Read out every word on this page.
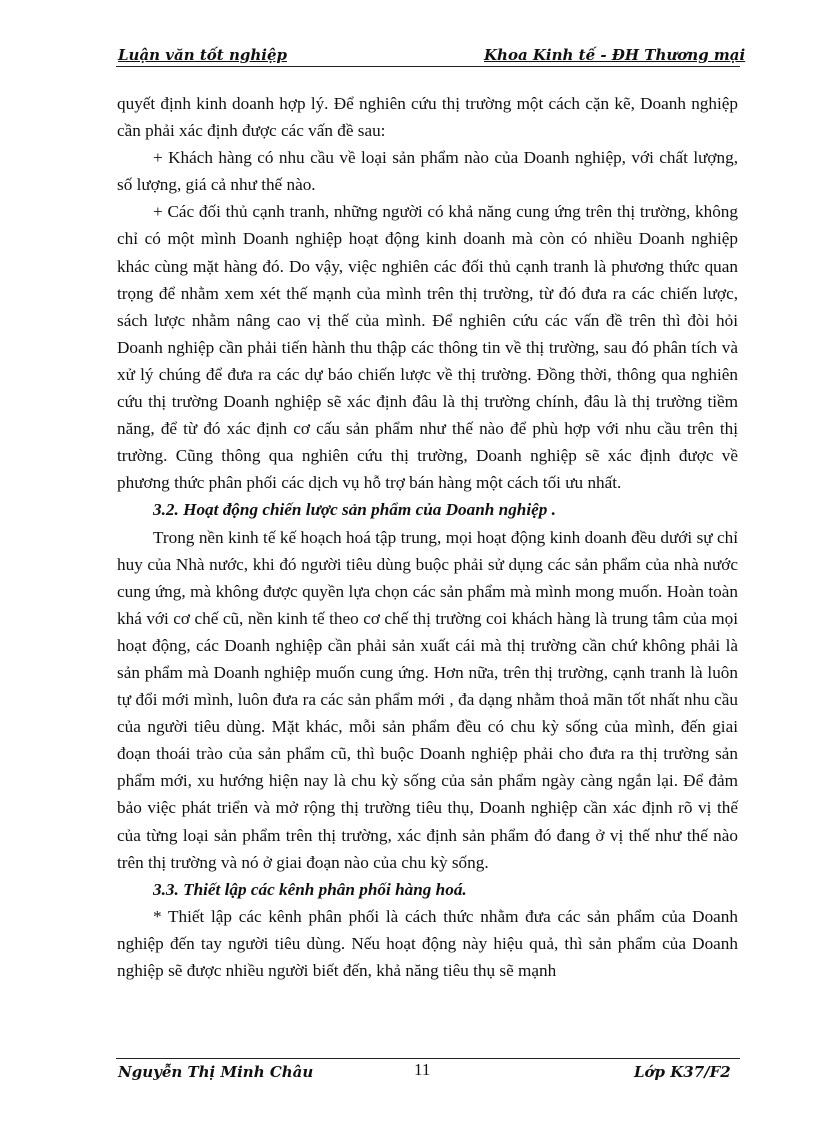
Luận văn tốt nghiệp	Khoa Kinh tế - ĐH Thương mại

quyết định kinh doanh hợp lý. Để nghiên cứu thị trường một cách cặn kẽ, Doanh nghiệp cần phải xác định được các vấn đề sau:

+ Khách hàng có nhu cầu về loại sản phẩm nào của Doanh nghiệp, với chất lượng, số lượng, giá cả như thế nào.

+ Các đối thủ cạnh tranh, những người có khả năng cung ứng trên thị trường, không chỉ có một mình Doanh nghiệp hoạt động kinh doanh mà còn có nhiều Doanh nghiệp khác cùng mặt hàng đó. Do vậy, việc nghiên các đối thủ cạnh tranh là phương thức quan trọng để nhằm xem xét thế mạnh của mình trên thị trường, từ đó đưa ra các chiến lược, sách lược nhằm nâng cao vị thế của mình. Để nghiên cứu các vấn đề trên thì đòi hỏi Doanh nghiệp cần phải tiến hành thu thập các thông tin về thị trường, sau đó phân tích và xử lý chúng để đưa ra các dự báo chiến lược về thị trường. Đồng thời, thông qua nghiên cứu thị trường Doanh nghiệp sẽ xác định đâu là thị trường chính, đâu là thị trường tiềm năng, để từ đó xác định cơ cấu sản phẩm như thế nào để phù hợp với nhu cầu trên thị trường. Cũng thông qua nghiên cứu thị trường, Doanh nghiệp sẽ xác định được về phương thức phân phối các dịch vụ hỗ trợ bán hàng một cách tối ưu nhất.

3.2. Hoạt động chiến lược sản phẩm của Doanh nghiệp .

Trong nền kinh tế kế hoạch hoá tập trung, mọi hoạt động kinh doanh đều dưới sự chỉ huy của Nhà nước, khi đó người tiêu dùng buộc phải sử dụng các sản phẩm của nhà nước cung ứng, mà không được quyền lựa chọn các sản phẩm mà mình mong muốn. Hoàn toàn khá với cơ chế cũ, nền kinh tế theo cơ chế thị trường coi khách hàng là trung tâm của mọi hoạt động, các Doanh nghiệp cần phải sản xuất cái mà thị trường cần chứ không phải là sản phẩm mà Doanh nghiệp muốn cung ứng. Hơn nữa, trên thị trường, cạnh tranh là luôn tự đổi mới mình, luôn đưa ra các sản phẩm mới , đa dạng nhằm thoả mãn tốt nhất nhu cầu của người tiêu dùng. Mặt khác, mỗi sản phẩm đều có chu kỳ sống của mình, đến giai đoạn thoái trào của sản phẩm cũ, thì buộc Doanh nghiệp phải cho đưa ra thị trường sản phẩm mới, xu hướng hiện nay là chu kỳ sống của sản phẩm ngày càng ngắn lại. Để đảm bảo việc phát triển và mở rộng thị trường tiêu thụ, Doanh nghiệp cần xác định rõ vị thế của từng loại sản phẩm trên thị trường, xác định sản phẩm đó đang ở vị thế như thế nào trên thị trường và nó ở giai đoạn nào của chu kỳ sống.

3.3. Thiết lập các kênh phân phối hàng hoá.

* Thiết lập các kênh phân phối là cách thức nhằm đưa các sản phẩm của Doanh nghiệp đến tay người tiêu dùng. Nếu hoạt động này hiệu quả, thì sản phẩm của Doanh nghiệp sẽ được nhiều người biết đến, khả năng tiêu thụ sẽ mạnh

Nguyễn Thị Minh Châu	11	Lớp K37/F2
